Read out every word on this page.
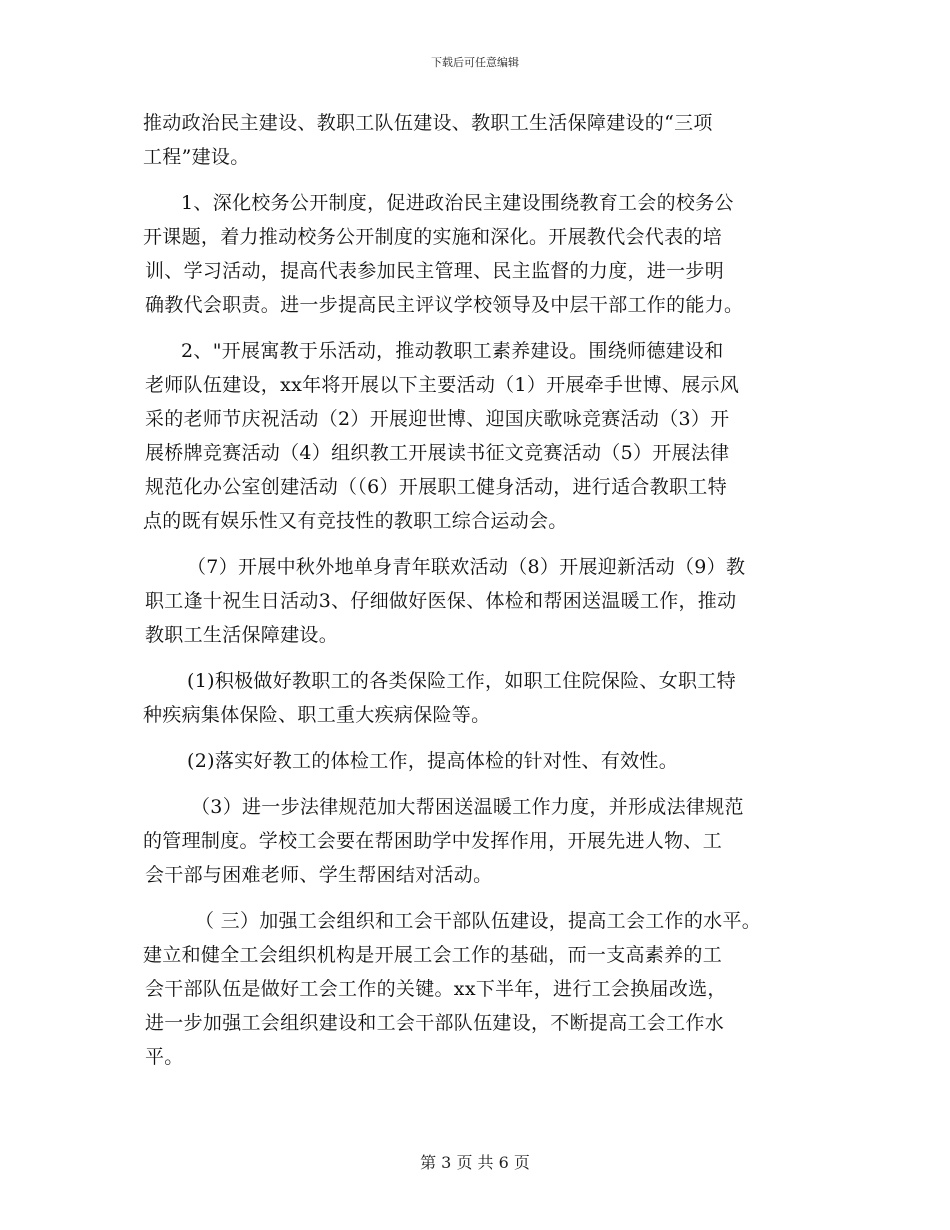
下载后可任意编辑
推动政治民主建设、教职工队伍建设、教职工生活保障建设的“三项
工程”建设。
1、深化校务公开制度，促进政治民主建设围绕教育工会的校务公
开课题，着力推动校务公开制度的实施和深化。开展教代会代表的培
训、学习活动，提高代表参加民主管理、民主监督的力度，进一步明
确教代会职责。进一步提高民主评议学校领导及中层干部工作的能力。
2、"开展寓教于乐活动，推动教职工素养建设。围绕师德建设和
老师队伍建设，xx年将开展以下主要活动（1）开展牵手世博、展示风
采的老师节庆祝活动（2）开展迎世博、迎国庆歌咏竞赛活动（3）开
展桥牌竞赛活动（4）组织教工开展读书征文竞赛活动（5）开展法律
规范化办公室创建活动（（6）开展职工健身活动，进行适合教职工特
点的既有娱乐性又有竞技性的教职工综合运动会。
（7）开展中秋外地单身青年联欢活动（8）开展迎新活动（9）教
职工逢十祝生日活动3、仔细做好医保、体检和帮困送温暖工作，推动
教职工生活保障建设。
(1)积极做好教职工的各类保险工作，如职工住院保险、女职工特
种疾病集体保险、职工重大疾病保险等。
(2)落实好教工的体检工作，提高体检的针对性、有效性。
（3）进一步法律规范加大帮困送温暖工作力度，并形成法律规范
的管理制度。学校工会要在帮困助学中发挥作用，开展先进人物、工
会干部与困难老师、学生帮困结对活动。
（ 三）加强工会组织和工会干部队伍建设，提高工会工作的水平。
建立和健全工会组织机构是开展工会工作的基础，而一支高素养的工
会干部队伍是做好工会工作的关键。xx下半年，进行工会换届改选，
进一步加强工会组织建设和工会干部队伍建设，不断提高工会工作水
平。
第 3 页 共 6 页
